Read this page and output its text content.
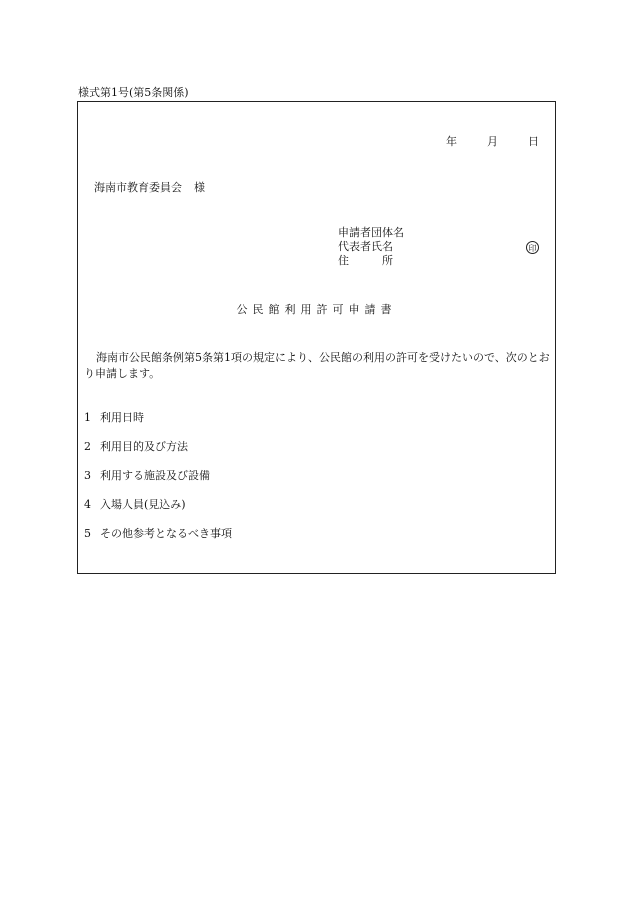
様式第1号(第5条関係)
年	月	日
海南市教育委員会 様
申請者団体名
代表者氏名
住　　　所
印
公民館利用許可申請書
海南市公民館条例第5条第1項の規定により、公民館の利用の許可を受けたいので、次のとおり申請します。
1 利用日時
2 利用目的及び方法
3 利用する施設及び設備
4 入場人員(見込み)
5 その他参考となるべき事項
